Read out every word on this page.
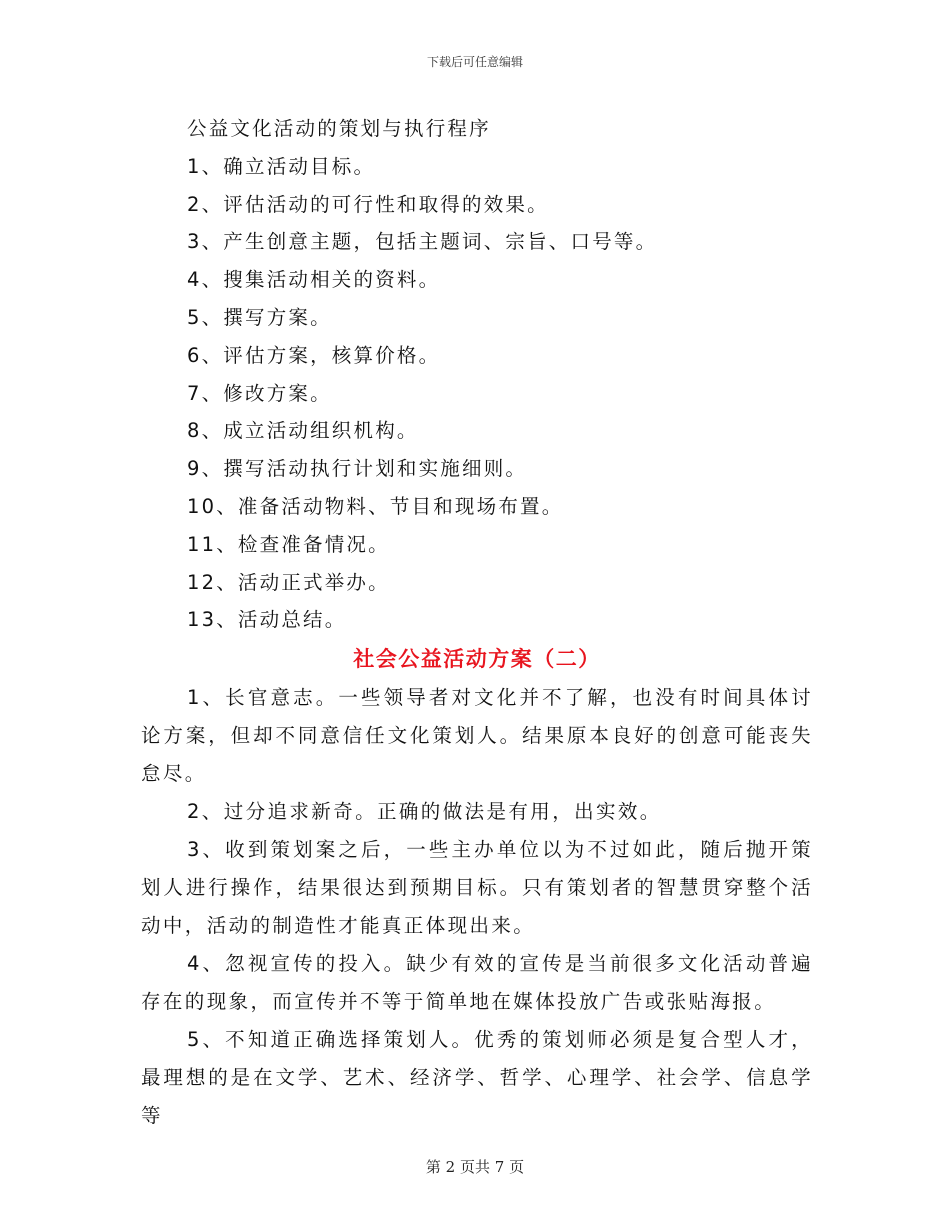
下载后可任意编辑
公益文化活动的策划与执行程序
1、确立活动目标。
2、评估活动的可行性和取得的效果。
3、产生创意主题，包括主题词、宗旨、口号等。
4、搜集活动相关的资料。
5、撰写方案。
6、评估方案，核算价格。
7、修改方案。
8、成立活动组织机构。
9、撰写活动执行计划和实施细则。
10、准备活动物料、节目和现场布置。
11、检查准备情况。
12、活动正式举办。
13、活动总结。
社会公益活动方案（二）

1、长官意志。一些领导者对文化并不了解，也没有时间具体讨论方案，但却不同意信任文化策划人。结果原本良好的创意可能丧失怠尽。

2、过分追求新奇。正确的做法是有用，出实效。

3、收到策划案之后，一些主办单位以为不过如此，随后抛开策划人进行操作，结果很达到预期目标。只有策划者的智慧贯穿整个活动中，活动的制造性才能真正体现出来。

4、忽视宣传的投入。缺少有效的宣传是当前很多文化活动普遍存在的现象，而宣传并不等于简单地在媒体投放广告或张贴海报。

5、不知道正确选择策划人。优秀的策划师必须是复合型人才，最理想的是在文学、艺术、经济学、哲学、心理学、社会学、信息学等

第 2 页共 7 页
